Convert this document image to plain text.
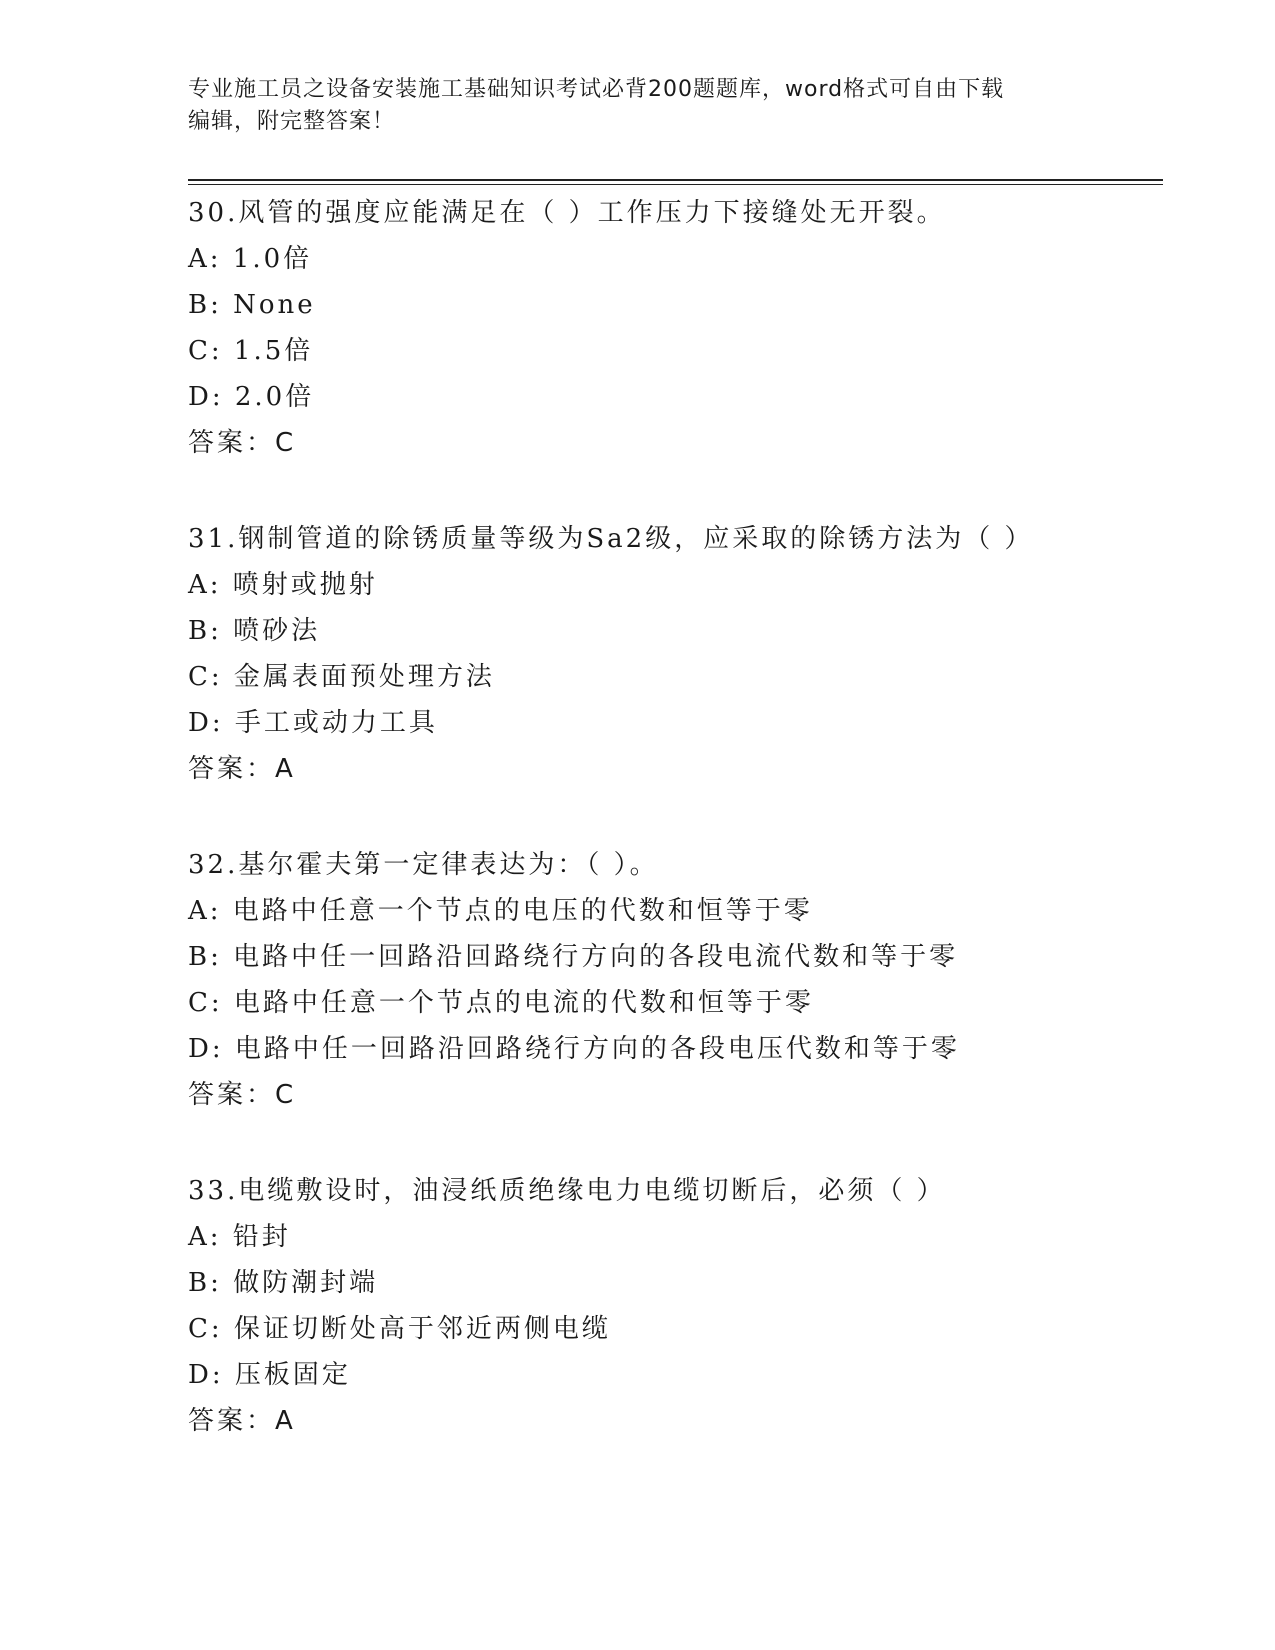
专业施工员之设备安装施工基础知识考试必背200题题库，word格式可自由下载
编辑，附完整答案！
30.风管的强度应能满足在（ ）工作压力下接缝处无开裂。
A: 1.0倍
B: None
C: 1.5倍
D: 2.0倍
答案：C
31.钢制管道的除锈质量等级为Sa2级，应采取的除锈方法为（ ）
A: 喷射或抛射
B: 喷砂法
C: 金属表面预处理方法
D: 手工或动力工具
答案：A
32.基尔霍夫第一定律表达为：（ ）。
A: 电路中任意一个节点的电压的代数和恒等于零
B: 电路中任一回路沿回路绕行方向的各段电流代数和等于零
C: 电路中任意一个节点的电流的代数和恒等于零
D: 电路中任一回路沿回路绕行方向的各段电压代数和等于零
答案：C
33.电缆敷设时，油浸纸质绝缘电力电缆切断后，必须（ ）
A: 铅封
B: 做防潮封端
C: 保证切断处高于邻近两侧电缆
D: 压板固定
答案：A
